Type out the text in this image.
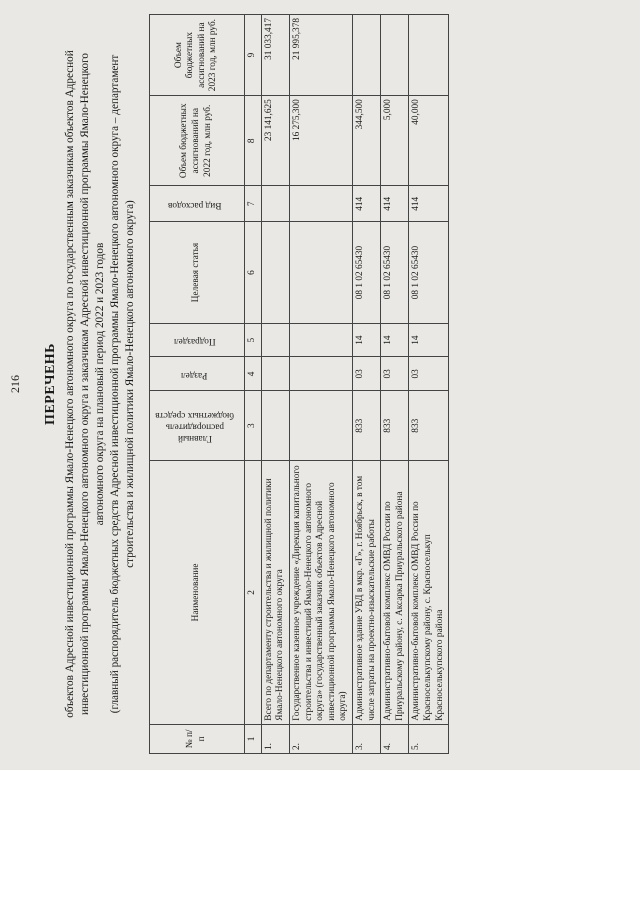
216 ПЕРЕЧЕНЬ объектов Адресной инвестиционной программы Ямало-Ненецкого автономного округа по государственным заказчикам объектов Адресной инвестиционной программы Ямало-Ненецкого автономного округа и заказчикам Адресной инвестиционной программы Ямало-Ненецкого автономного округа на плановый период 2022 и 2023 годов (главный распорядитель бюджетных средств Адресной инвестиционной программы Ямало-Ненецкого автономного округа – департамент строительства и жилищной политики Ямало-Ненецкого автономного округа)
№ п/п	Наименование	Главный распорядитель бюджетных средств	Раздел	Подраздел	Целевая статья	Вид расходов	Объем бюджетных ассигнований на 2022 год, млн руб.	Объем бюджетных ассигнований на 2023 год, млн руб.
1	2	3	4	5	6	7	8	9
1.	Всего по департаменту строительства и жилищной политики Ямало-Ненецкого автономного округа						23 141,625	31 033,417
2.	Государственное казенное учреждение «Дирекция капитального строительства и инвестиций Ямало-Ненецкого автономного округа» (государственный заказчик объектов Адресной инвестиционной программы Ямало-Ненецкого автономного округа)						16 275,300	21 995,378
3.	Административное здание УВД в мкр. «Г», г. Ноябрьск, в том числе затраты на проектно-изыскательские работы	833	03	14	08 1 02 65430	414	344,500	
4.	Административно-бытовой комплекс ОМВД России по Приуральскому району, с. Аксарка Приуральского района	833	03	14	08 1 02 65430	414	5,000	
5.	Административно-бытовой комплекс ОМВД России по Красноселькупскому району, с. Красноселькуп Красноселькупского района	833	03	14	08 1 02 65430	414	40,000	
